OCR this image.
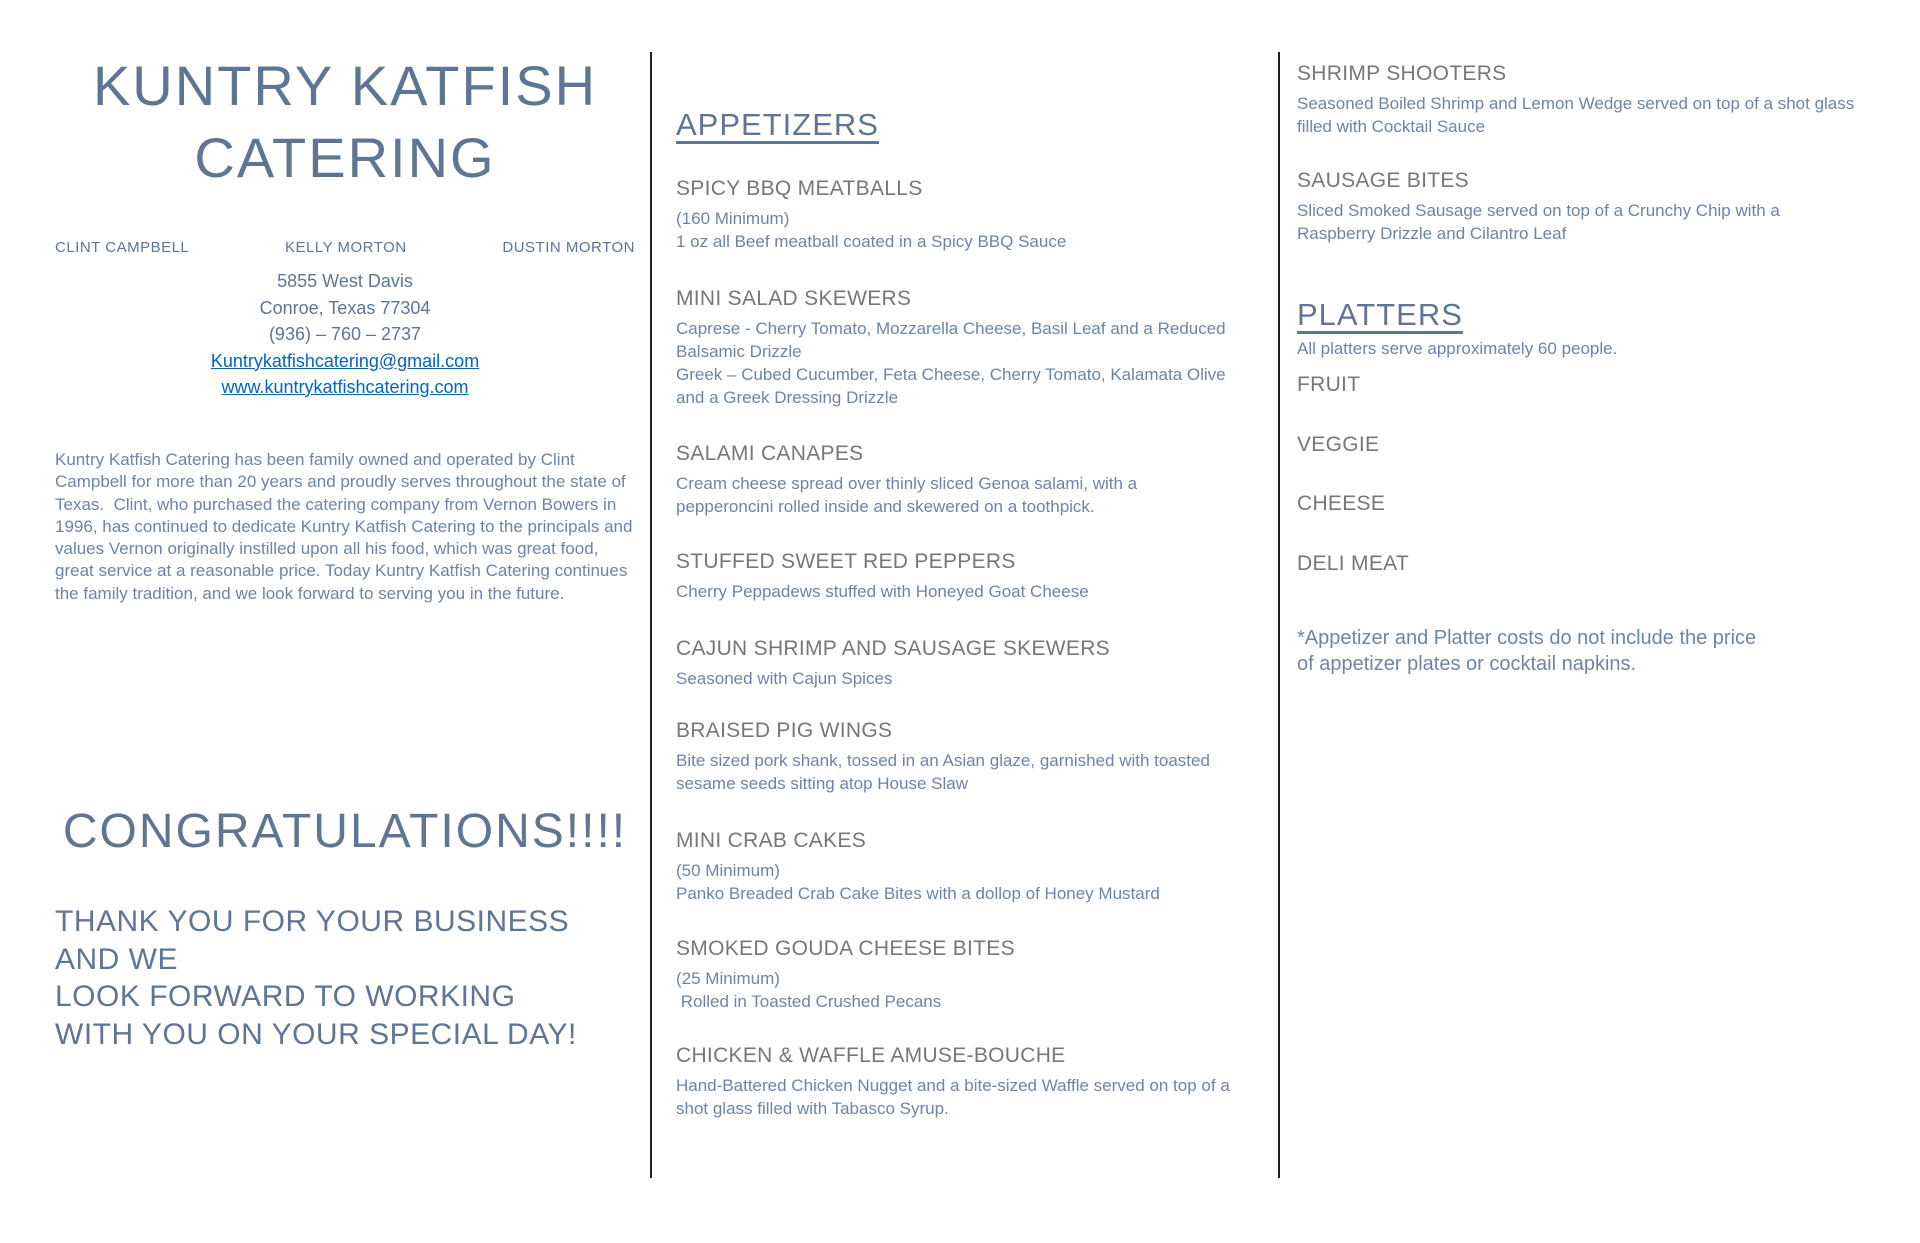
KUNTRY KATFISH
CATERING
CLINT CAMPBELL	KELLY MORTON	DUSTIN MORTON
5855 West Davis
Conroe, Texas 77304
(936) – 760 – 2737
Kuntrykatfishcatering@gmail.com
www.kuntrykatfishcatering.com
Kuntry Katfish Catering has been family owned and operated by Clint Campbell for more than 20 years and proudly serves throughout the state of Texas.  Clint, who purchased the catering company from Vernon Bowers in 1996, has continued to dedicate Kuntry Katfish Catering to the principals and values Vernon originally instilled upon all his food, which was great food, great service at a reasonable price. Today Kuntry Katfish Catering continues the family tradition, and we look forward to serving you in the future.
CONGRATULATIONS!!!!
THANK YOU FOR YOUR BUSINESS AND WE
LOOK FORWARD TO WORKING
WITH YOU ON YOUR SPECIAL DAY!
APPETIZERS
SPICY BBQ MEATBALLS
(160 Minimum)
1 oz all Beef meatball coated in a Spicy BBQ Sauce
MINI SALAD SKEWERS
Caprese - Cherry Tomato, Mozzarella Cheese, Basil Leaf and a Reduced Balsamic Drizzle
Greek – Cubed Cucumber, Feta Cheese, Cherry Tomato, Kalamata Olive and a Greek Dressing Drizzle
SALAMI CANAPES
Cream cheese spread over thinly sliced Genoa salami, with a pepperoncini rolled inside and skewered on a toothpick.
STUFFED SWEET RED PEPPERS
Cherry Peppadews stuffed with Honeyed Goat Cheese
CAJUN SHRIMP AND SAUSAGE SKEWERS
Seasoned with Cajun Spices
BRAISED PIG WINGS
Bite sized pork shank, tossed in an Asian glaze, garnished with toasted sesame seeds sitting atop House Slaw
MINI CRAB CAKES
(50 Minimum)
Panko Breaded Crab Cake Bites with a dollop of Honey Mustard
SMOKED GOUDA CHEESE BITES
(25 Minimum)
Rolled in Toasted Crushed Pecans
CHICKEN & WAFFLE AMUSE-BOUCHE
Hand-Battered Chicken Nugget and a bite-sized Waffle served on top of a shot glass filled with Tabasco Syrup.
SHRIMP SHOOTERS
Seasoned Boiled Shrimp and Lemon Wedge served on top of a shot glass filled with Cocktail Sauce
SAUSAGE BITES
Sliced Smoked Sausage served on top of a Crunchy Chip with a Raspberry Drizzle and Cilantro Leaf
PLATTERS
All platters serve approximately 60 people.
FRUIT
VEGGIE
CHEESE
DELI MEAT
*Appetizer and Platter costs do not include the price
of appetizer plates or cocktail napkins.
